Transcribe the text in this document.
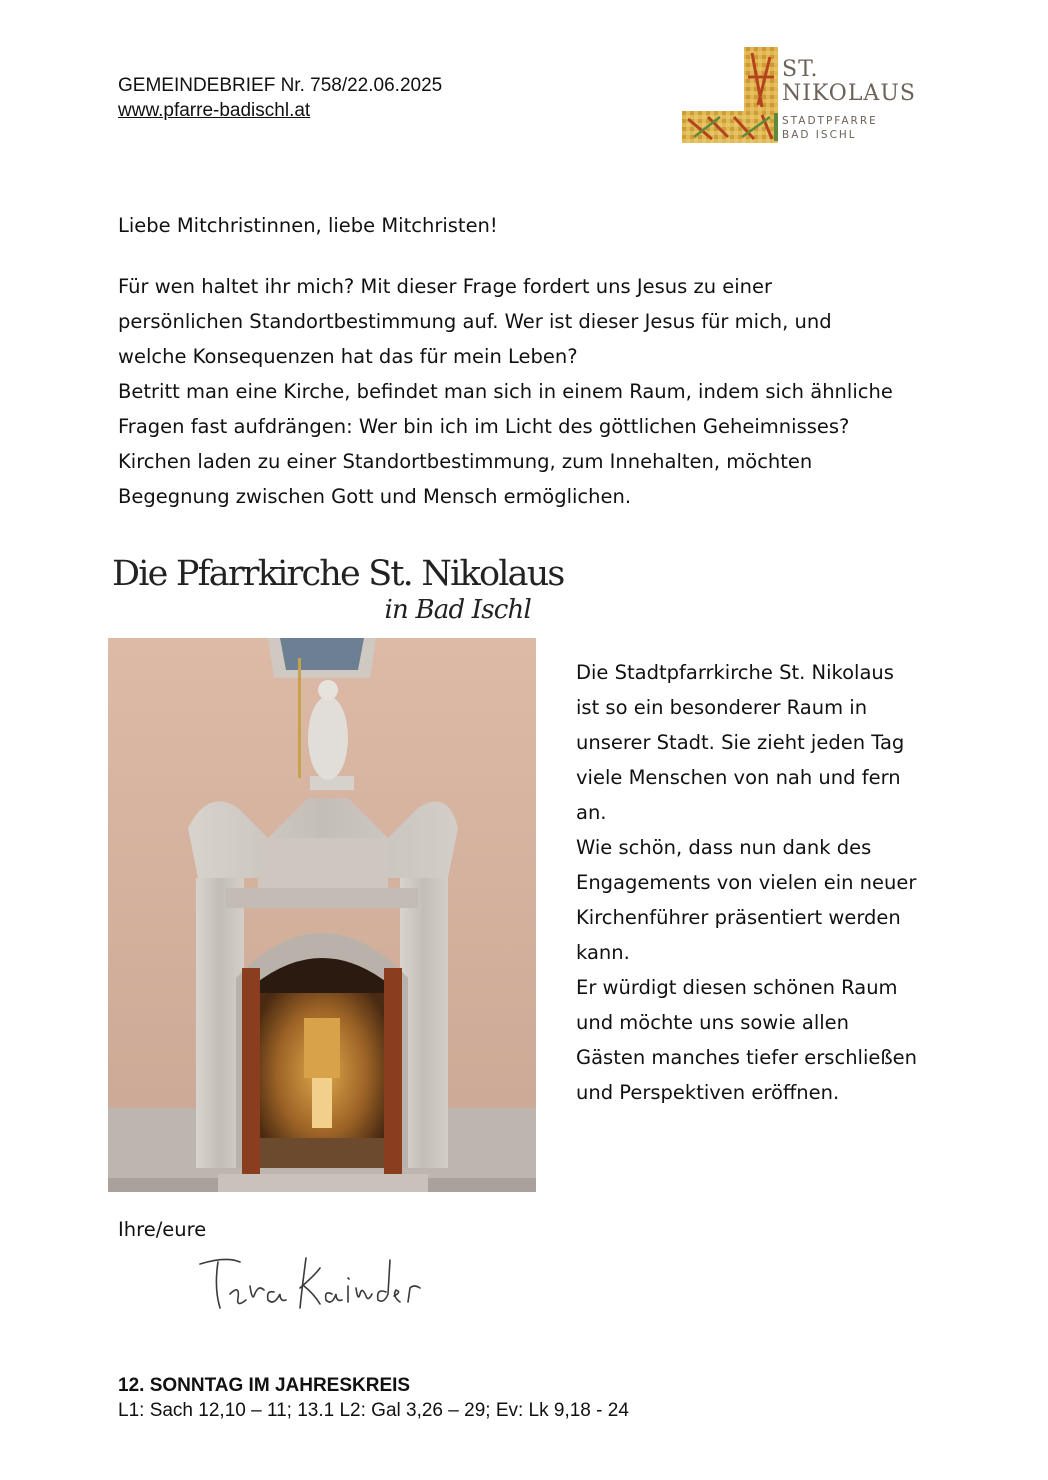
GEMEINDEBRIEF Nr. 758/22.06.2025
www.pfarre-badischl.at
ST.
NIKOLAUS
STADTPFARRE
BAD ISCHL
Liebe Mitchristinnen, liebe Mitchristen!

Für wen haltet ihr mich? Mit dieser Frage fordert uns Jesus zu einer persönlichen Standortbestimmung auf. Wer ist dieser Jesus für mich, und welche Konsequenzen hat das für mein Leben?

Betritt man eine Kirche, befindet man sich in einem Raum, indem sich ähnliche Fragen fast aufdrängen: Wer bin ich im Licht des göttlichen Geheimnisses? Kirchen laden zu einer Standortbestimmung, zum Innehalten, möchten Begegnung zwischen Gott und Mensch ermöglichen.

Die Pfarrkirche St. Nikolaus
in Bad Ischl

Die Stadtpfarrkirche St. Nikolaus ist so ein besonderer Raum in unserer Stadt. Sie zieht jeden Tag viele Menschen von nah und fern an.

Wie schön, dass nun dank des Engagements von vielen ein neuer Kirchenführer präsentiert werden kann.

Er würdigt diesen schönen Raum und möchte uns sowie allen Gästen manches tiefer erschließen und Perspektiven eröffnen.

Ihre/eure
12. SONNTAG IM JAHRESKREIS
L1: Sach 12,10 – 11; 13.1 L2: Gal 3,26 – 29; Ev: Lk 9,18 - 24
